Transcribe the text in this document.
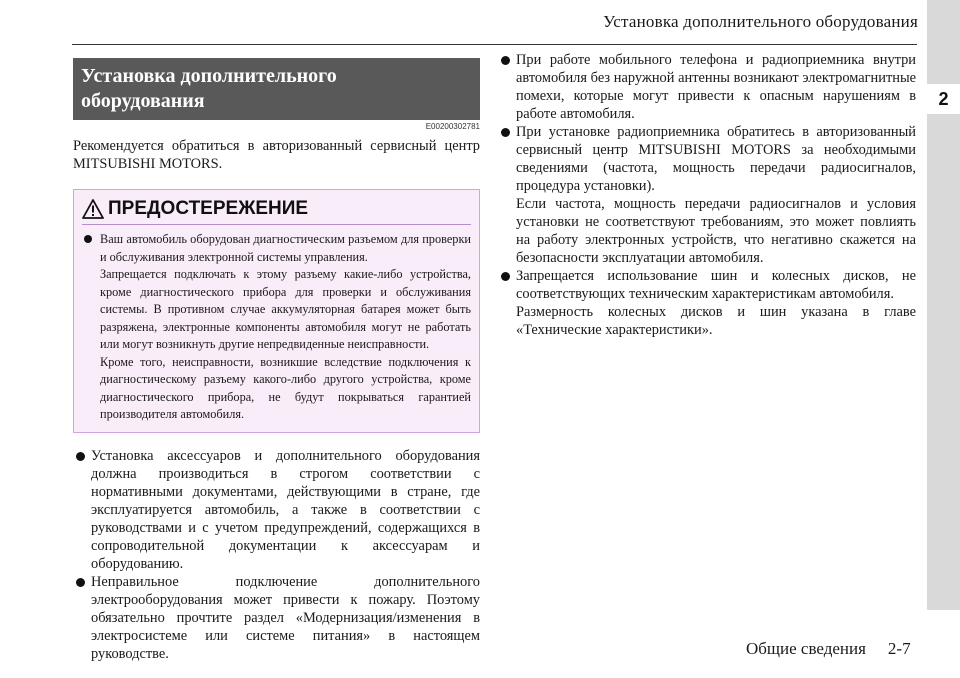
Установка дополнительного оборудования
2
Установка дополнительного
оборудования
E00200302781
Рекомендуется обратиться в авторизованный сервисный центр MITSUBISHI MOTORS.
ПРЕДОСТЕРЕЖЕНИЕ
Ваш автомобиль оборудован диагностическим разъемом для проверки и обслуживания электронной системы управления.
Запрещается подключать к этому разъему какие-либо устройства, кроме диагностического прибора для проверки и обслуживания системы. В противном случае аккумуляторная батарея может быть разряжена, электронные компоненты автомобиля могут не работать или могут возникнуть другие непредвиденные неисправности.
Кроме того, неисправности, возникшие вследствие подключения к диагностическому разъему какого-либо другого устройства, кроме диагностического прибора, не будут покрываться гарантией производителя автомобиля.
Установка аксессуаров и дополнительного оборудования должна производиться в строгом соответствии с нормативными документами, действующими в стране, где эксплуатируется автомобиль, а также в соответствии с руководствами и с учетом предупреждений, содержащихся в сопроводительной документации к аксессуарам и оборудованию.
Неправильное подключение дополнительного электрооборудования может привести к пожару. Поэтому обязательно прочтите раздел «Модернизация/изменения в электросистеме или системе питания» в настоящем руководстве.
При работе мобильного телефона и радиоприемника внутри автомобиля без наружной антенны возникают электромагнитные помехи, которые могут привести к опасным нарушениям в работе автомобиля.
При установке радиоприемника обратитесь в авторизованный сервисный центр MITSUBISHI MOTORS за необходимыми сведениями (частота, мощность передачи радиосигналов, процедура установки).
Если частота, мощность передачи радиосигналов и условия установки не соответствуют требованиям, это может повлиять на работу электронных устройств, что негативно скажется на безопасности эксплуатации автомобиля.
Запрещается использование шин и колесных дисков, не соответствующих техническим характеристикам автомобиля.
Размерность колесных дисков и шин указана в главе «Технические характеристики».
Общие сведения 2-7
